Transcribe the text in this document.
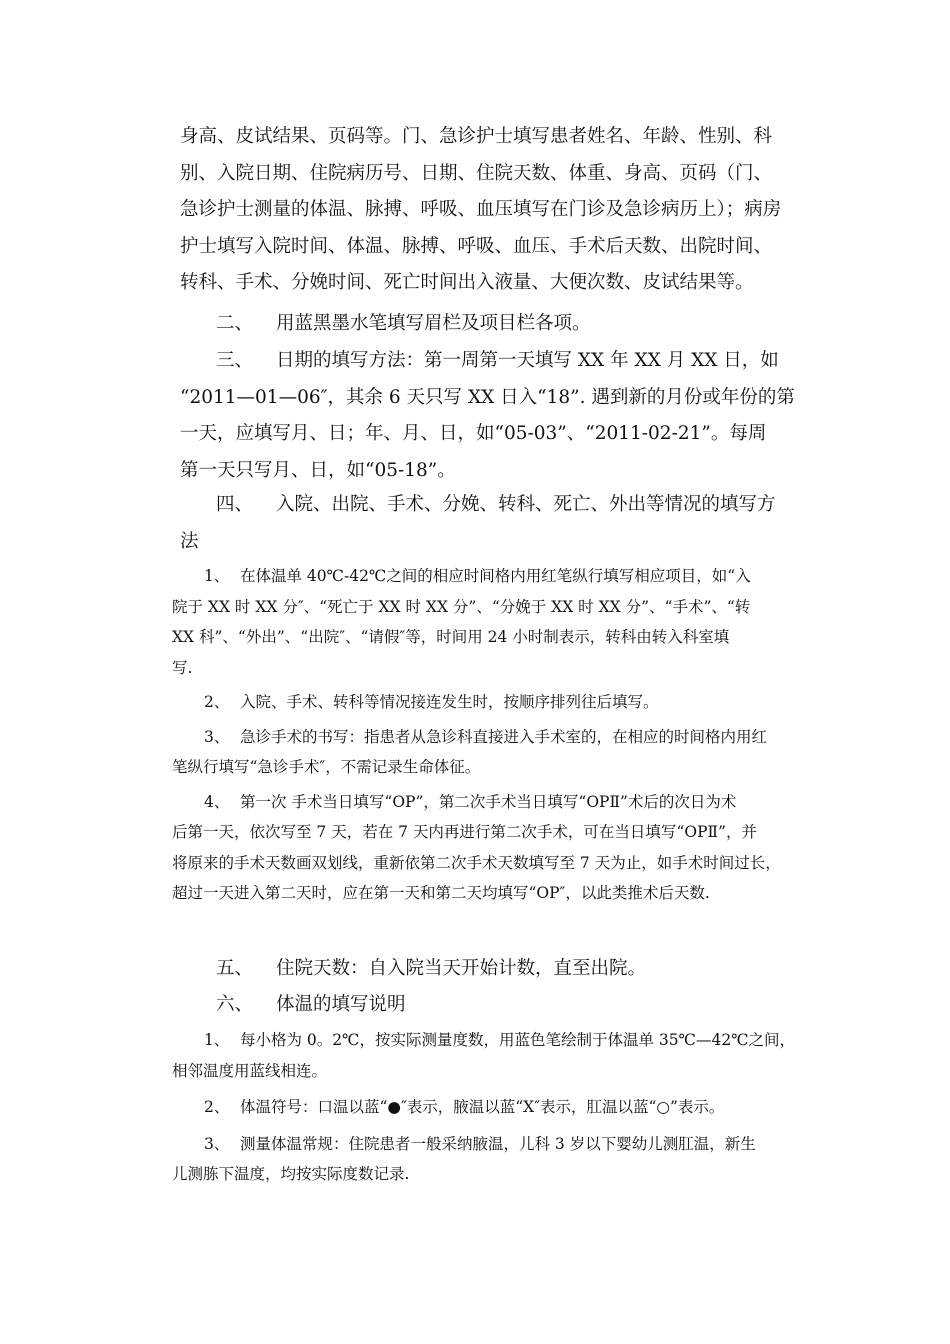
身高、皮试结果、页码等。门、急诊护士填写患者姓名、年龄、性别、科
别、入院日期、住院病历号、日期、住院天数、体重、身高、页码（门、
急诊护士测量的体温、脉搏、呼吸、血压填写在门诊及急诊病历上）；病房
护士填写入院时间、体温、脉搏、呼吸、血压、手术后天数、出院时间、
转科、手术、分娩时间、死亡时间出入液量、大便次数、皮试结果等。
二、 用蓝黑墨水笔填写眉栏及项目栏各项。
三、 日期的填写方法：第一周第一天填写 XX 年 XX 月 XX 日，如
“2011—01—06″，其余 6 天只写 XX 日入“18”. 遇到新的月份或年份的第
一天，应填写月、日；年、月、日，如“05-03”、“2011-02-21”。每周
第一天只写月、日，如“05-18”。
四、 入院、出院、手术、分娩、转科、死亡、外出等情况的填写方
法
1、 在体温单 40℃-42℃之间的相应时间格内用红笔纵行填写相应项目，如“入
院于 XX 时 XX 分″、“死亡于 XX 时 XX 分”、“分娩于 XX 时 XX 分”、“手术”、“转
XX 科”、“外出”、“出院″、“请假″等，时间用 24 小时制表示，转科由转入科室填
写.
2、 入院、手术、转科等情况接连发生时，按顺序排列往后填写。
3、 急诊手术的书写：指患者从急诊科直接进入手术室的，在相应的时间格内用红
笔纵行填写“急诊手术″，不需记录生命体征。
4、 第一次 手术当日填写“OP”，第二次手术当日填写“OPⅡ”术后的次日为术
后第一天，依次写至 7 天，若在 7 天内再进行第二次手术，可在当日填写“OPⅡ”，并
将原来的手术天数画双划线，重新依第二次手术天数填写至 7 天为止，如手术时间过长，
超过一天进入第二天时，应在第一天和第二天均填写“OP″，以此类推术后天数.
五、 住院天数：自入院当天开始计数，直至出院。
六、 体温的填写说明
1、 每小格为 0。2℃，按实际测量度数，用蓝色笔绘制于体温单 35℃—42℃之间，
相邻温度用蓝线相连。
2、 体温符号：口温以蓝“●″表示，腋温以蓝“X″表示，肛温以蓝“○”表示。
3、 测量体温常规：住院患者一般采纳腋温，儿科 3 岁以下婴幼儿测肛温，新生
儿测胨下温度，均按实际度数记录.
